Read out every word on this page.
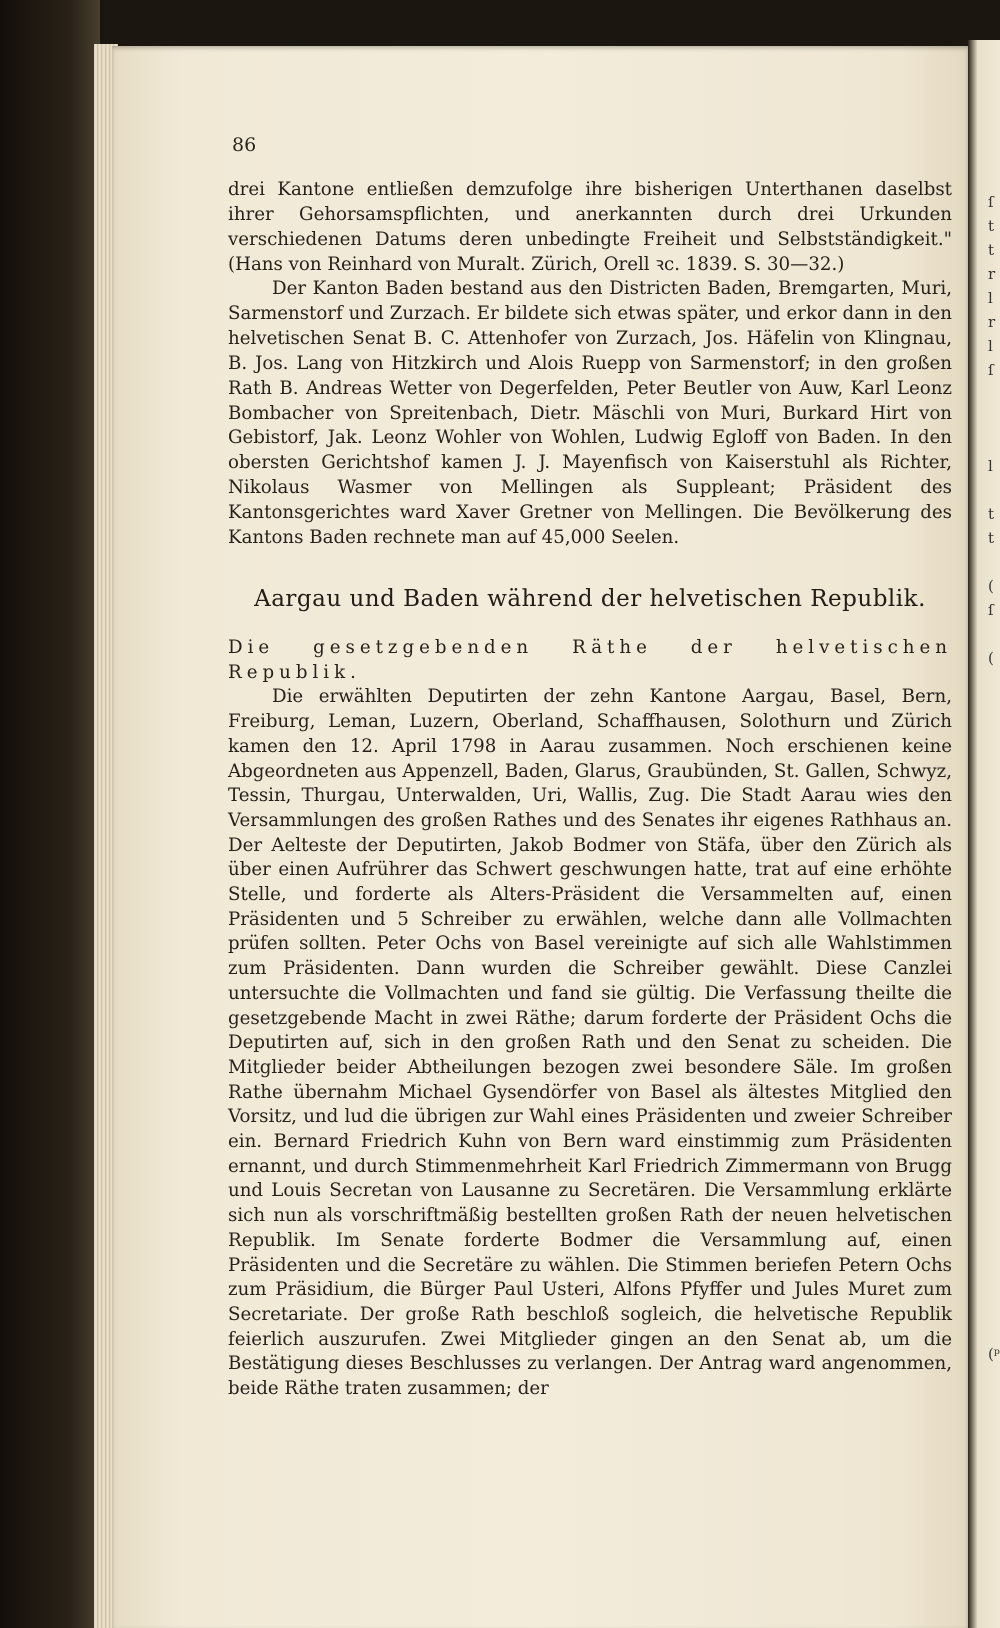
ſ
t
t
r
l
r
l
ſ
l
t
t
(
ſ
(
(ᵖ
86

drei Kantone entließen demzufolge ihre bisherigen Unterthanen daselbst ihrer Gehorsamspflichten, und anerkannten durch drei Urkunden verschiedenen Datums deren unbedingte Freiheit und Selbstständigkeit." (Hans von Reinhard von Muralt. Zürich, Orell ꝛc. 1839. S. 30—32.)

Der Kanton Baden bestand aus den Districten Baden, Bremgarten, Muri, Sarmenstorf und Zurzach. Er bildete sich etwas später, und erkor dann in den helvetischen Senat B. C. Attenhofer von Zurzach, Jos. Häfelin von Klingnau, B. Jos. Lang von Hitzkirch und Alois Ruepp von Sarmenstorf; in den großen Rath B. Andreas Wetter von Degerfelden, Peter Beutler von Auw, Karl Leonz Bombacher von Spreitenbach, Dietr. Mäschli von Muri, Burkard Hirt von Gebistorf, Jak. Leonz Wohler von Wohlen, Ludwig Egloff von Baden. In den obersten Gerichtshof kamen J. J. Mayenfisch von Kaiserstuhl als Richter, Nikolaus Wasmer von Mellingen als Suppleant; Präsident des Kantonsgerichtes ward Xaver Gretner von Mellingen. Die Bevölkerung des Kantons Baden rechnete man auf 45,000 Seelen.

Aargau und Baden während der helvetischen Republik.

Die gesetzgebenden Räthe der helvetischen Republik.

Die erwählten Deputirten der zehn Kantone Aargau, Basel, Bern, Freiburg, Leman, Luzern, Oberland, Schaffhausen, Solothurn und Zürich kamen den 12. April 1798 in Aarau zusammen. Noch erschienen keine Abgeordneten aus Appenzell, Baden, Glarus, Graubünden, St. Gallen, Schwyz, Tessin, Thurgau, Unterwalden, Uri, Wallis, Zug. Die Stadt Aarau wies den Versammlungen des großen Rathes und des Senates ihr eigenes Rathhaus an. Der Aelteste der Deputirten, Jakob Bodmer von Stäfa, über den Zürich als über einen Aufrührer das Schwert geschwungen hatte, trat auf eine erhöhte Stelle, und forderte als Alters-Präsident die Versammelten auf, einen Präsidenten und 5 Schreiber zu erwählen, welche dann alle Vollmachten prüfen sollten. Peter Ochs von Basel vereinigte auf sich alle Wahlstimmen zum Präsidenten. Dann wurden die Schreiber gewählt. Diese Canzlei untersuchte die Vollmachten und fand sie gültig. Die Verfassung theilte die gesetzgebende Macht in zwei Räthe; darum forderte der Präsident Ochs die Deputirten auf, sich in den großen Rath und den Senat zu scheiden. Die Mitglieder beider Abtheilungen bezogen zwei besondere Säle. Im großen Rathe übernahm Michael Gysendörfer von Basel als ältestes Mitglied den Vorsitz, und lud die übrigen zur Wahl eines Präsidenten und zweier Schreiber ein. Bernard Friedrich Kuhn von Bern ward einstimmig zum Präsidenten ernannt, und durch Stimmenmehrheit Karl Friedrich Zimmermann von Brugg und Louis Secretan von Lausanne zu Secretären. Die Versammlung erklärte sich nun als vorschriftmäßig bestellten großen Rath der neuen helvetischen Republik. Im Senate forderte Bodmer die Versammlung auf, einen Präsidenten und die Secretäre zu wählen. Die Stimmen beriefen Petern Ochs zum Präsidium, die Bürger Paul Usteri, Alfons Pfyffer und Jules Muret zum Secretariate. Der große Rath beschloß sogleich, die helvetische Republik feierlich auszurufen. Zwei Mitglieder gingen an den Senat ab, um die Bestätigung dieses Beschlusses zu verlangen. Der Antrag ward angenommen, beide Räthe traten zusammen; der
